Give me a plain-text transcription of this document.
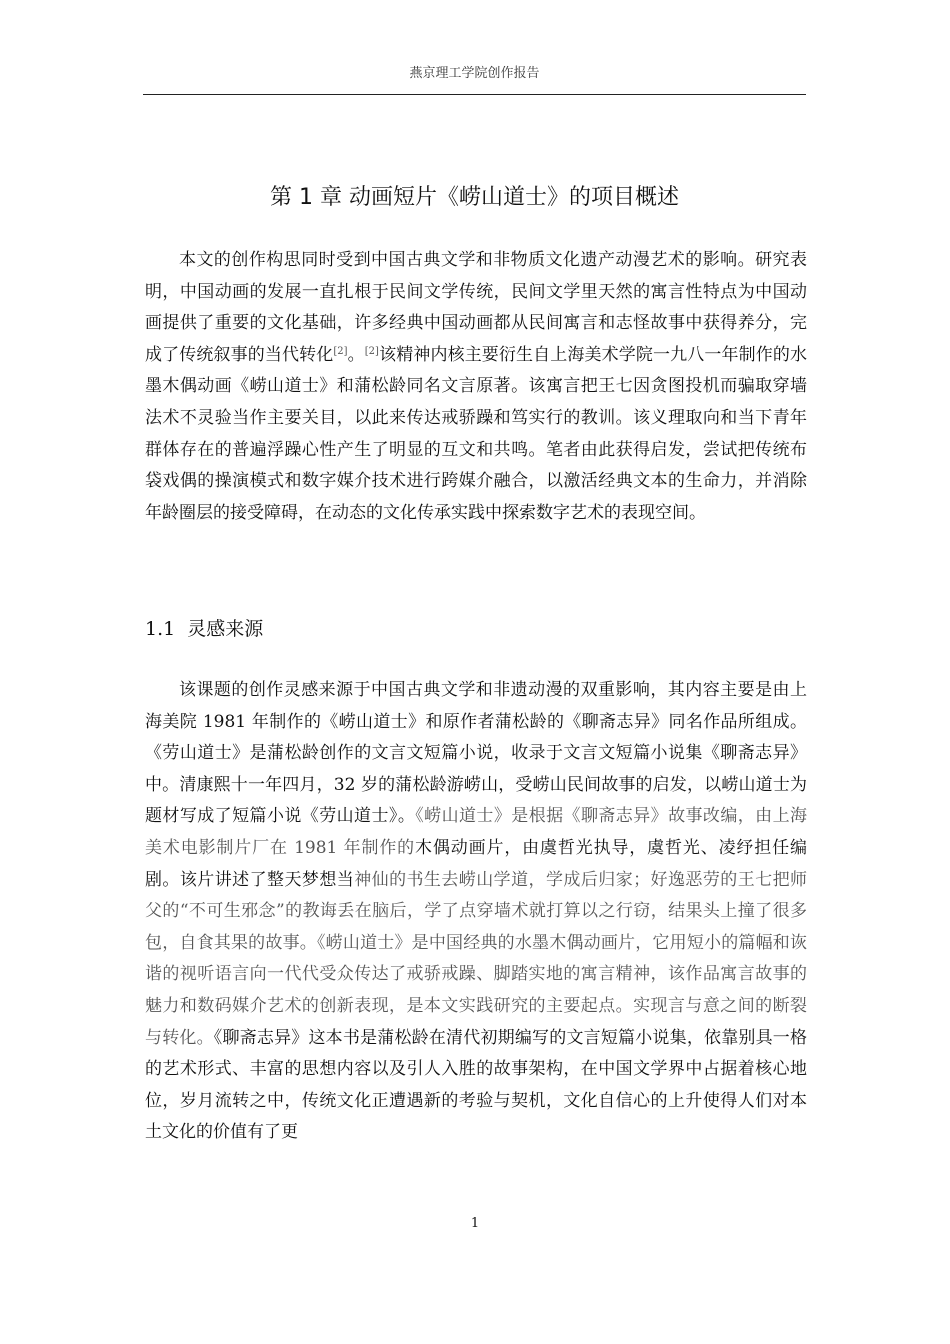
燕京理工学院创作报告
第 1 章 动画短片《崂山道士》的项目概述

本文的创作构思同时受到中国古典文学和非物质文化遗产动漫艺术的影响。研究表明，中国动画的发展一直扎根于民间文学传统，民间文学里天然的寓言性特点为中国动画提供了重要的文化基础，许多经典中国动画都从民间寓言和志怪故事中获得养分，完成了传统叙事的当代转化[2]。[2]该精神内核主要衍生自上海美术学院一九八一年制作的水墨木偶动画《崂山道士》和蒲松龄同名文言原著。该寓言把王七因贪图投机而骗取穿墙法术不灵验当作主要关目，以此来传达戒骄躁和笃实行的教训。该义理取向和当下青年群体存在的普遍浮躁心性产生了明显的互文和共鸣。笔者由此获得启发，尝试把传统布袋戏偶的操演模式和数字媒介技术进行跨媒介融合，以激活经典文本的生命力，并消除年龄圈层的接受障碍，在动态的文化传承实践中探索数字艺术的表现空间。

1.1 灵感来源

该课题的创作灵感来源于中国古典文学和非遗动漫的双重影响，其内容主要是由上海美院 1981 年制作的《崂山道士》和原作者蒲松龄的《聊斋志异》同名作品所组成。《劳山道士》是蒲松龄创作的文言文短篇小说，收录于文言文短篇小说集《聊斋志异》中。清康熙十一年四月，32 岁的蒲松龄游崂山，受崂山民间故事的启发，以崂山道士为题材写成了短篇小说《劳山道士》。《崂山道士》是根据《聊斋志异》故事改编，由上海美术电影制片厂在 1981 年制作的木偶动画片，由虞哲光执导，虞哲光、凌纾担任编剧。该片讲述了整天梦想当神仙的书生去崂山学道，学成后归家；好逸恶劳的王七把师父的“不可生邪念”的教诲丢在脑后，学了点穿墙术就打算以之行窃，结果头上撞了很多包，自食其果的故事。《崂山道士》是中国经典的水墨木偶动画片，它用短小的篇幅和诙谐的视听语言向一代代受众传达了戒骄戒躁、脚踏实地的寓言精神，该作品寓言故事的魅力和数码媒介艺术的创新表现，是本文实践研究的主要起点。实现言与意之间的断裂与转化。《聊斋志异》这本书是蒲松龄在清代初期编写的文言短篇小说集，依靠别具一格的艺术形式、丰富的思想内容以及引人入胜的故事架构，在中国文学界中占据着核心地位，岁月流转之中，传统文化正遭遇新的考验与契机，文化自信心的上升使得人们对本土文化的价值有了更

1
